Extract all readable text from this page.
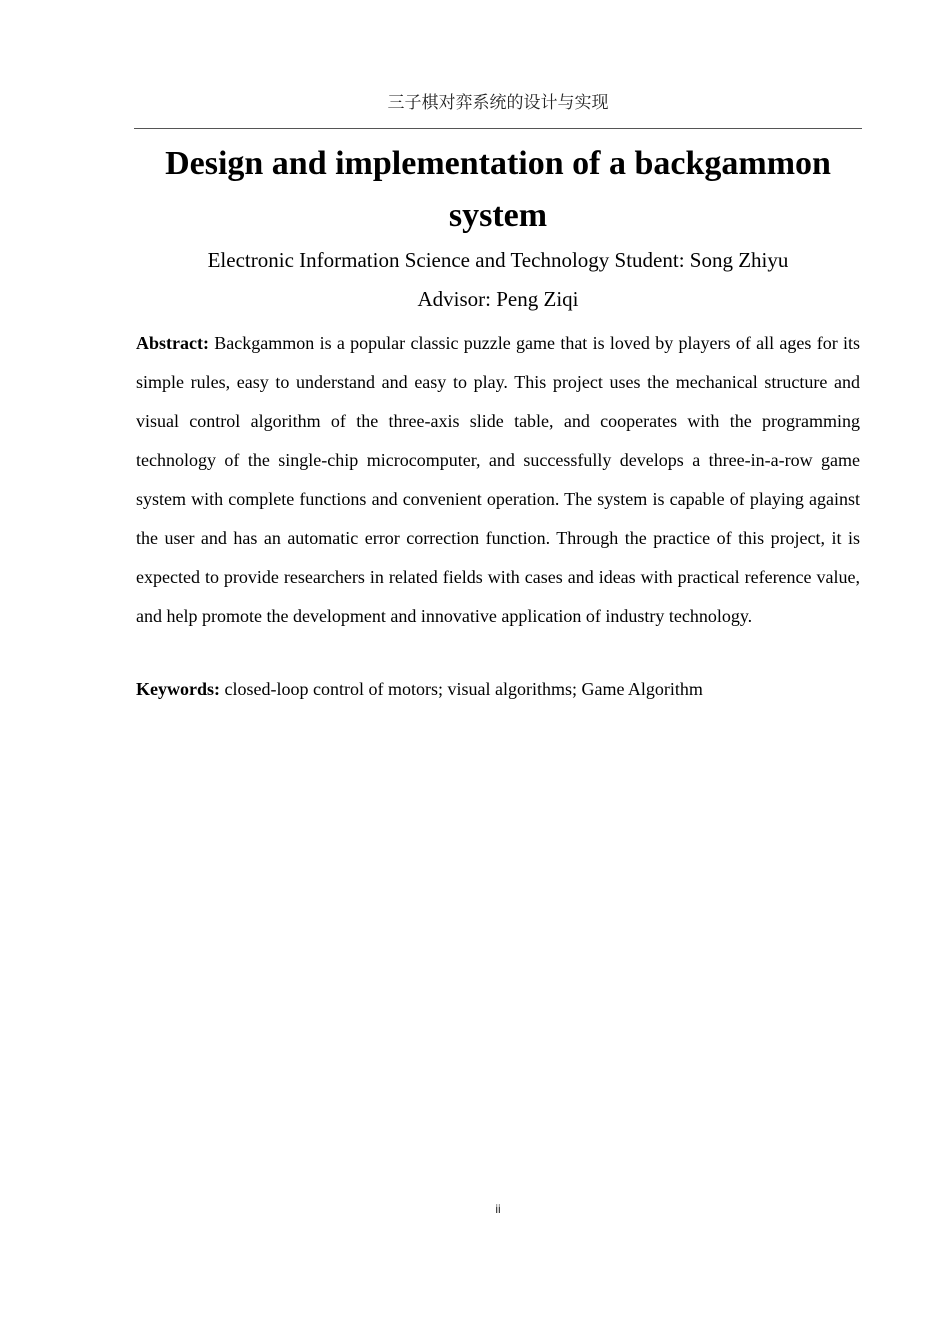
三子棋对弈系统的设计与实现
Design and implementation of a backgammon system
Electronic Information Science and Technology Student: Song Zhiyu
Advisor: Peng Ziqi

Abstract: Backgammon is a popular classic puzzle game that is loved by players of all ages for its simple rules, easy to understand and easy to play. This project uses the mechanical structure and visual control algorithm of the three-axis slide table, and cooperates with the programming technology of the single-chip microcomputer, and successfully develops a three-in-a-row game system with complete functions and convenient operation. The system is capable of playing against the user and has an automatic error correction function. Through the practice of this project, it is expected to provide researchers in related fields with cases and ideas with practical reference value, and help promote the development and innovative application of industry technology.

Keywords: closed-loop control of motors; visual algorithms; Game Algorithm

ii
